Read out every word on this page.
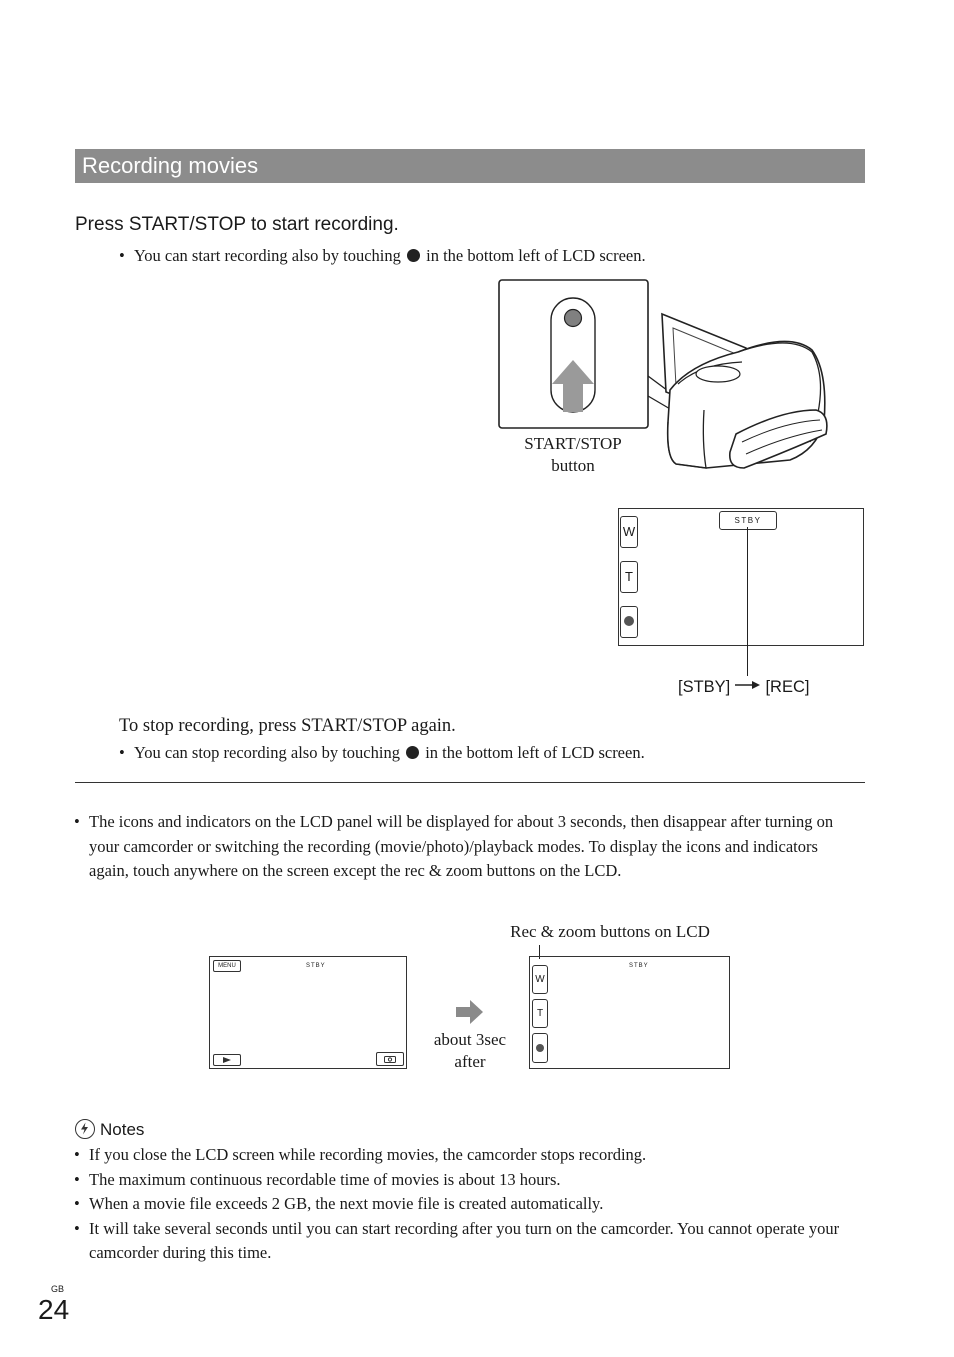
Recording movies
Press START/STOP to start recording.
• You can start recording also by touching in the bottom left of LCD screen.
START/STOP
button
W
T
STBY
[STBY] [REC]
To stop recording, press START/STOP again.
• You can stop recording also by touching in the bottom left of LCD screen.
• The icons and indicators on the LCD panel will be displayed for about 3 seconds, then disappear after turning on your camcorder or switching the recording (movie/photo)/playback modes. To display the icons and indicators again, touch anywhere on the screen except the rec & zoom buttons on the LCD.
Rec & zoom buttons on LCD
MENU	STBY
about 3sec
after
W
T
STBY
Notes
• If you close the LCD screen while recording movies, the camcorder stops recording.
• The maximum continuous recordable time of movies is about 13 hours.
• When a movie file exceeds 2 GB, the next movie file is created automatically.
• It will take several seconds until you can start recording after you turn on the camcorder. You cannot operate your camcorder during this time.
GB
24
